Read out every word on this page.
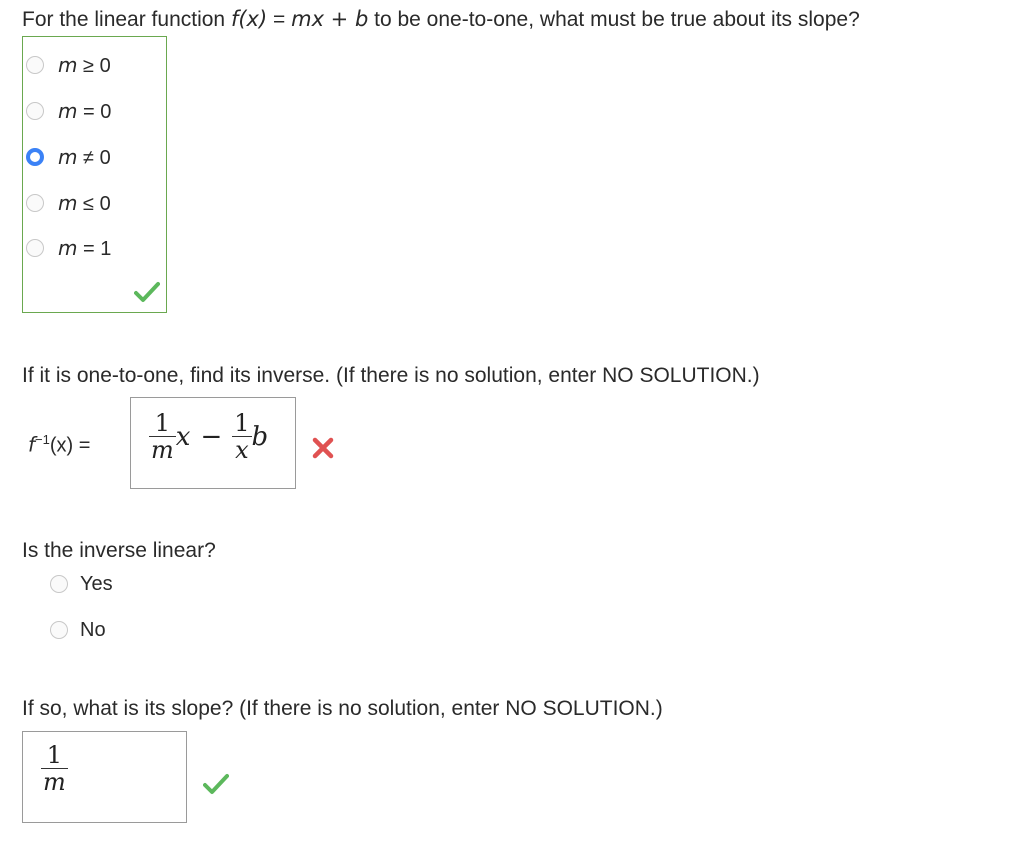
For the linear function f(x) = mx + b to be one-to-one, what must be true about its slope?
m ≥ 0
m = 0
m ≠ 0
m ≤ 0
m = 1
If it is one-to-one, find its inverse. (If there is no solution, enter NO SOLUTION.)
$f^{-1}(x) = \frac{1}{m}$ $x - \frac{1}{x}$ b
Is the inverse linear?
Yes
No
If so, what is its slope? (If there is no solution, enter NO SOLUTION.)
$\frac{1}{m}$
